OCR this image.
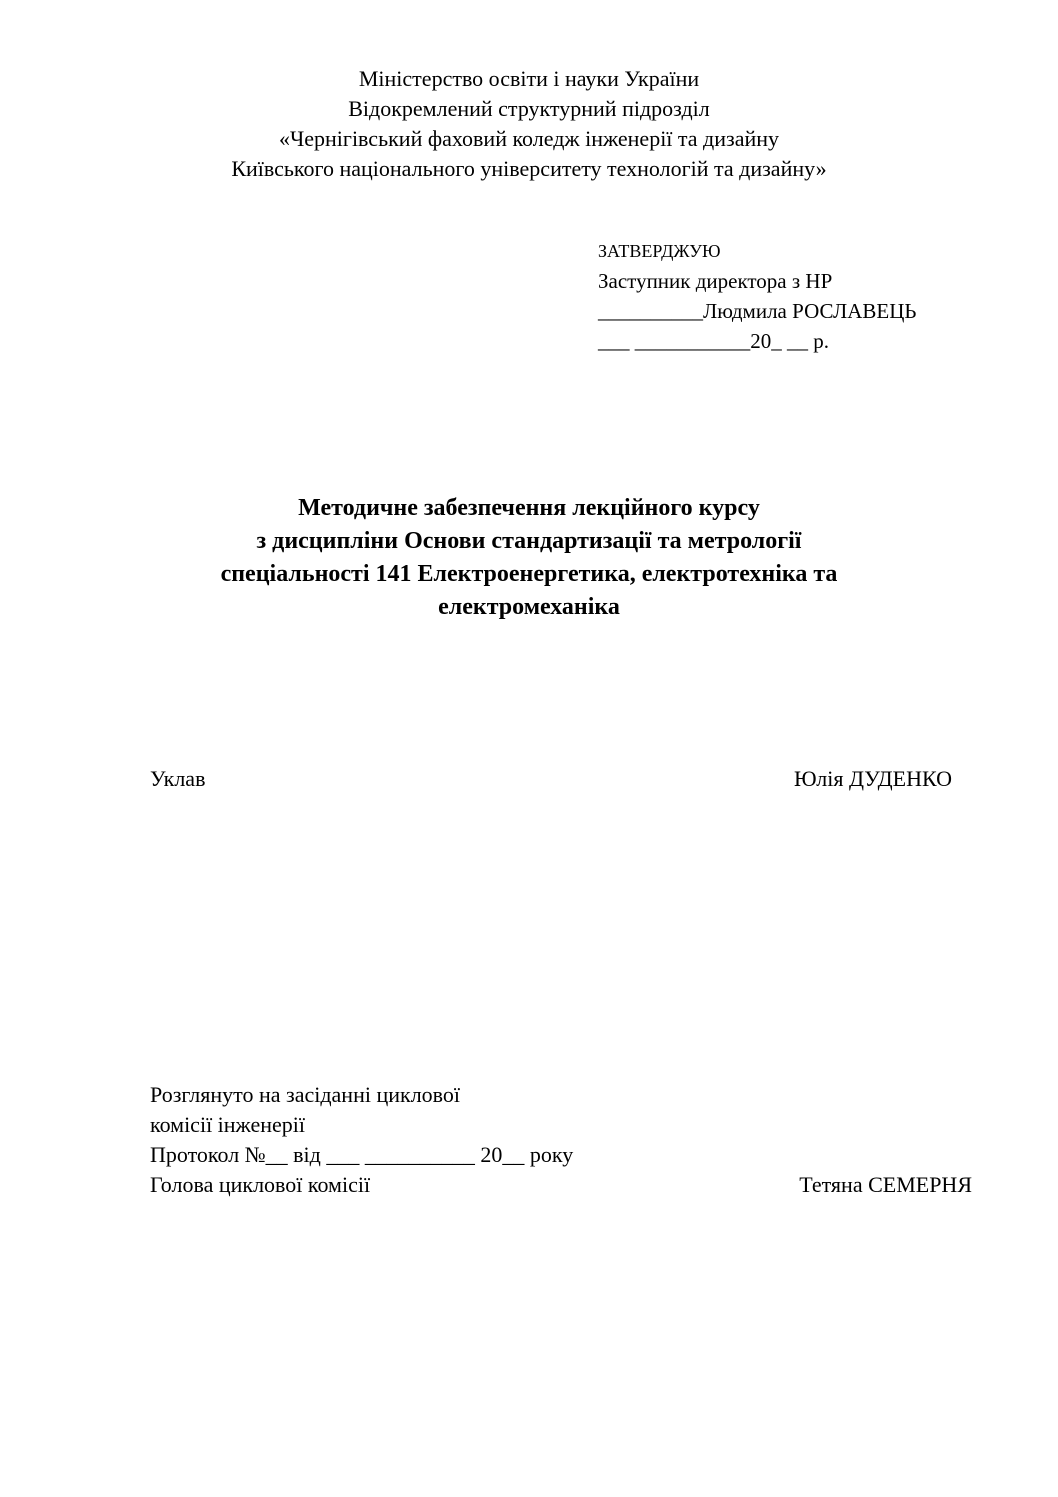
Міністерство освіти і науки України
Відокремлений структурний підрозділ
«Чернігівський фаховий коледж інженерії та дизайну
Київського національного університету технологій та дизайну»
ЗАТВЕРДЖУЮ
Заступник директора з НР
__________Людмила РОСЛАВЕЦЬ
___ ___________20_ __ р.
Методичне забезпечення лекційного курсу
з дисципліни Основи стандартизації та метрології
спеціальності 141 Електроенергетика, електротехніка та
електромеханіка
Уклав	Юлія ДУДЕНКО
Розглянуто на засіданні циклової
комісії інженерії
Протокол №__ від ___ __________ 20__ року
Голова циклової комісії	Тетяна СЕМЕРНЯ
